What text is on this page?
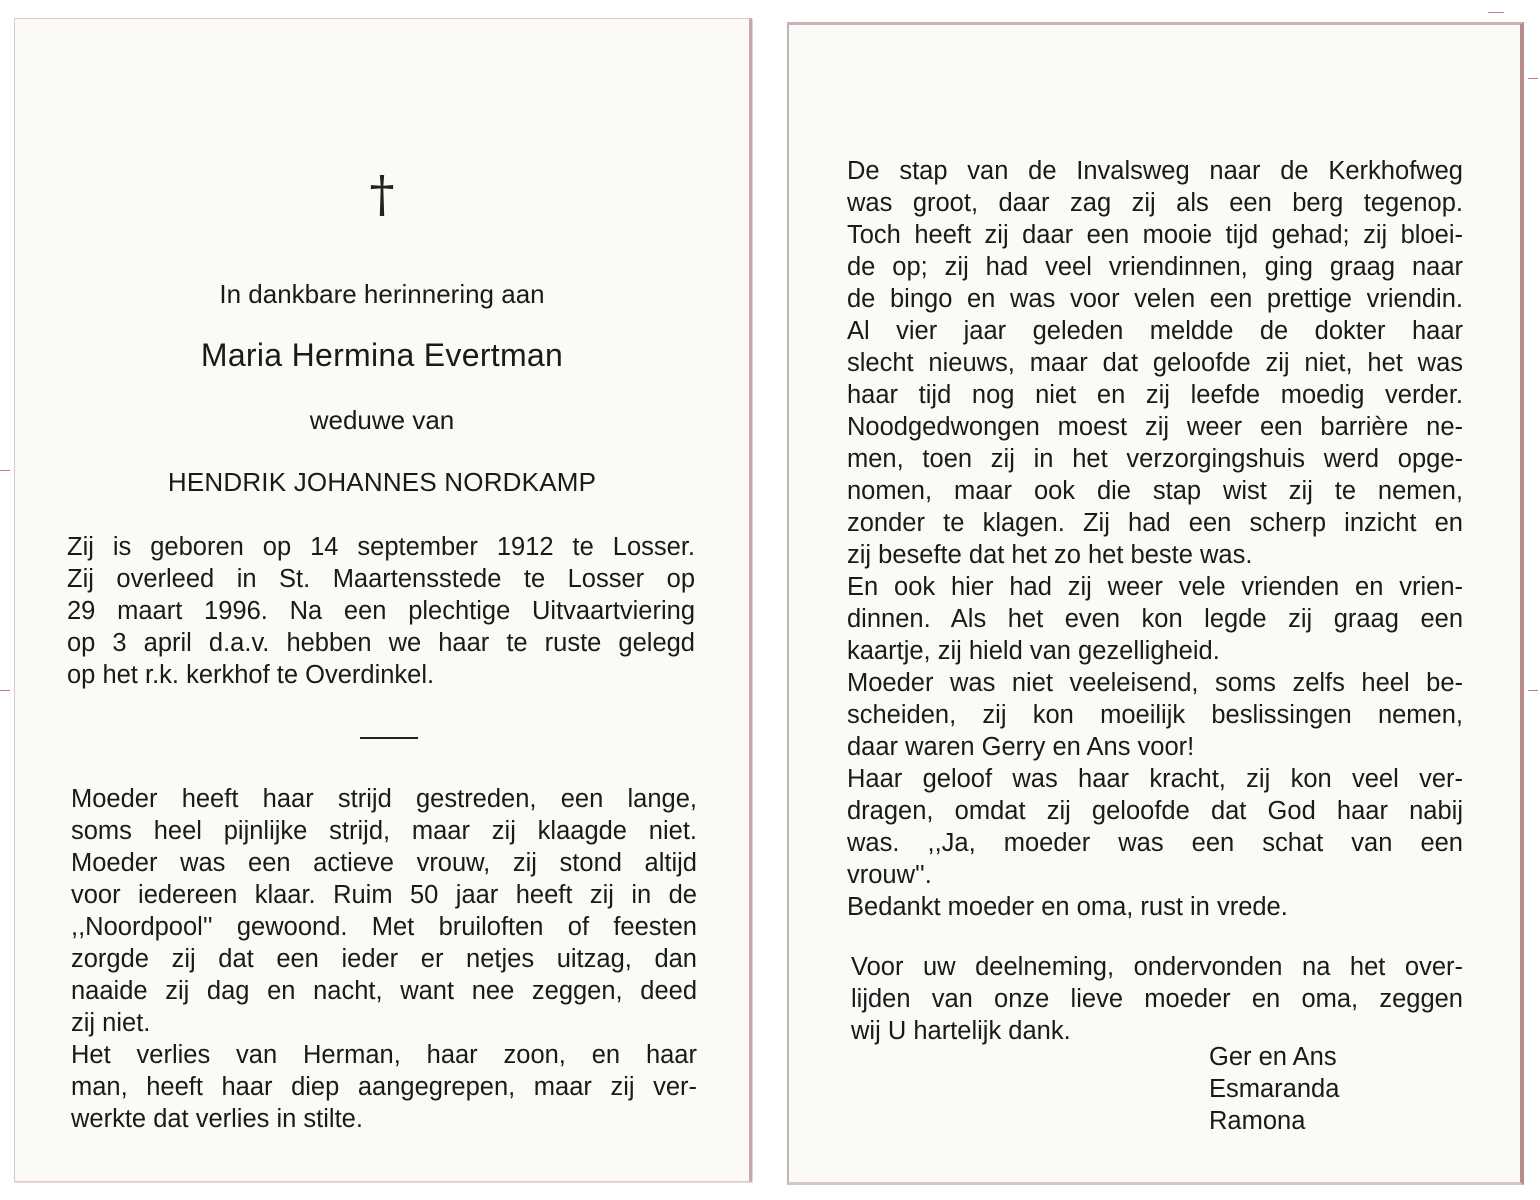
†
In dankbare herinnering aan
Maria Hermina Evertman
weduwe van
HENDRIK JOHANNES NORDKAMP
Zij is geboren op 14 september 1912 te Losser.
Zij overleed in St. Maartensstede te Losser op
29 maart 1996. Na een plechtige Uitvaartviering
op 3 april d.a.v. hebben we haar te ruste gelegd
op het r.k. kerkhof te Overdinkel.
Moeder heeft haar strijd gestreden, een lange,
soms heel pijnlijke strijd, maar zij klaagde niet.
Moeder was een actieve vrouw, zij stond altijd
voor iedereen klaar. Ruim 50 jaar heeft zij in de
,,Noordpool'' gewoond. Met bruiloften of feesten
zorgde zij dat een ieder er netjes uitzag, dan
naaide zij dag en nacht, want nee zeggen, deed
zij niet.
Het verlies van Herman, haar zoon, en haar
man, heeft haar diep aangegrepen, maar zij ver-
werkte dat verlies in stilte.
De stap van de Invalsweg naar de Kerkhofweg
was groot, daar zag zij als een berg tegenop.
Toch heeft zij daar een mooie tijd gehad; zij bloei-
de op; zij had veel vriendinnen, ging graag naar
de bingo en was voor velen een prettige vriendin.
Al vier jaar geleden meldde de dokter haar
slecht nieuws, maar dat geloofde zij niet, het was
haar tijd nog niet en zij leefde moedig verder.
Noodgedwongen moest zij weer een barrière ne-
men, toen zij in het verzorgingshuis werd opge-
nomen, maar ook die stap wist zij te nemen,
zonder te klagen. Zij had een scherp inzicht en
zij besefte dat het zo het beste was.
En ook hier had zij weer vele vrienden en vrien-
dinnen. Als het even kon legde zij graag een
kaartje, zij hield van gezelligheid.
Moeder was niet veeleisend, soms zelfs heel be-
scheiden, zij kon moeilijk beslissingen nemen,
daar waren Gerry en Ans voor!
Haar geloof was haar kracht, zij kon veel ver-
dragen, omdat zij geloofde dat God haar nabij
was. ,,Ja, moeder was een schat van een
vrouw''.
Bedankt moeder en oma, rust in vrede.
Voor uw deelneming, ondervonden na het over-
lijden van onze lieve moeder en oma, zeggen
wij U hartelijk dank.
Ger en Ans
Esmaranda
Ramona
